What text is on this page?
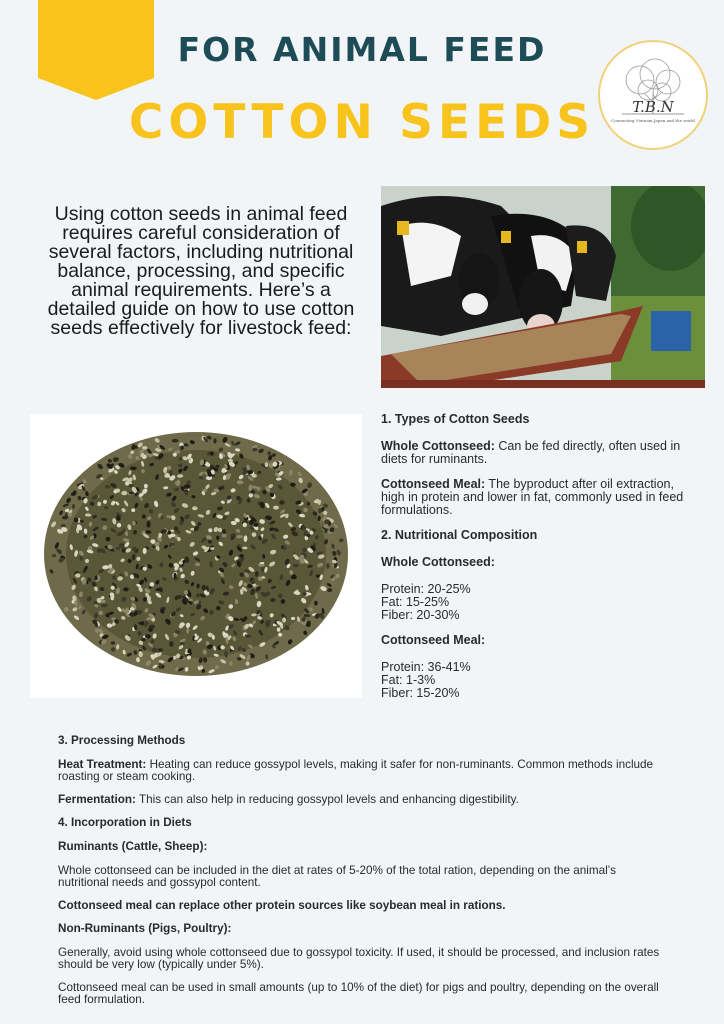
FOR ANIMAL FEED
COTTON SEEDS	T.B.N
Connecting Vietnam,Japan and the world
Using cotton seeds in animal feed requires careful consideration of several factors, including nutritional balance, processing, and specific animal requirements. Here’s a detailed guide on how to use cotton seeds effectively for livestock feed:
1. Types of Cotton Seeds

Whole Cottonseed: Can be fed directly, often used in diets for ruminants.

Cottonseed Meal: The byproduct after oil extraction, high in protein and lower in fat, commonly used in feed formulations.

2. Nutritional Composition
Whole Cottonseed:
Protein: 20-25%
Fat: 15-25%
Fiber: 20-30%
Cottonseed Meal:
Protein: 36-41%
Fat: 1-3%
Fiber: 15-20%
3. Processing Methods

Heat Treatment: Heating can reduce gossypol levels, making it safer for non-ruminants. Common methods include roasting or steam cooking.

Fermentation: This can also help in reducing gossypol levels and enhancing digestibility.

4. Incorporation in Diets
Ruminants (Cattle, Sheep):

Whole cottonseed can be included in the diet at rates of 5-20% of the total ration, depending on the animal’s nutritional needs and gossypol content.

Cottonseed meal can replace other protein sources like soybean meal in rations.

Non-Ruminants (Pigs, Poultry):

Generally, avoid using whole cottonseed due to gossypol toxicity. If used, it should be processed, and inclusion rates should be very low (typically under 5%).

Cottonseed meal can be used in small amounts (up to 10% of the diet) for pigs and poultry, depending on the overall feed formulation.
